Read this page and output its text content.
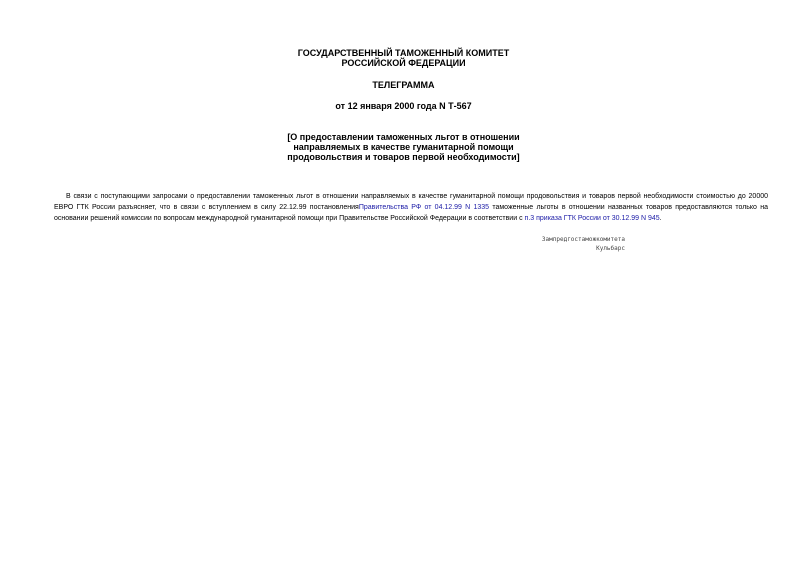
ГОСУДАРСТВЕННЫЙ ТАМОЖЕННЫЙ КОМИТЕТ
РОССИЙСКОЙ ФЕДЕРАЦИИ
ТЕЛЕГРАММА
от 12 января 2000 года N Т-567
[О предоставлении таможенных льгот в отношении
направляемых в качестве гуманитарной помощи
продовольствия и товаров первой необходимости]

В связи с поступающими запросами о предоставлении таможенных льгот в отношении направляемых в качестве гуманитарной помощи продовольствия и товаров первой необходимости стоимостью до 20000 ЕВРО ГТК России разъясняет, что в связи с вступлением в силу 22.12.99 постановленияПравительства РФ от 04.12.99 N 1335 таможенные льготы в отношении названных товаров предоставляются только на основании решений комиссии по вопросам международной гуманитарной помощи при Правительстве Российской Федерации в соответствии с п.3 приказа ГТК России от 30.12.99 N 945.

Зампредгостаможкомитета
Кульбарс
